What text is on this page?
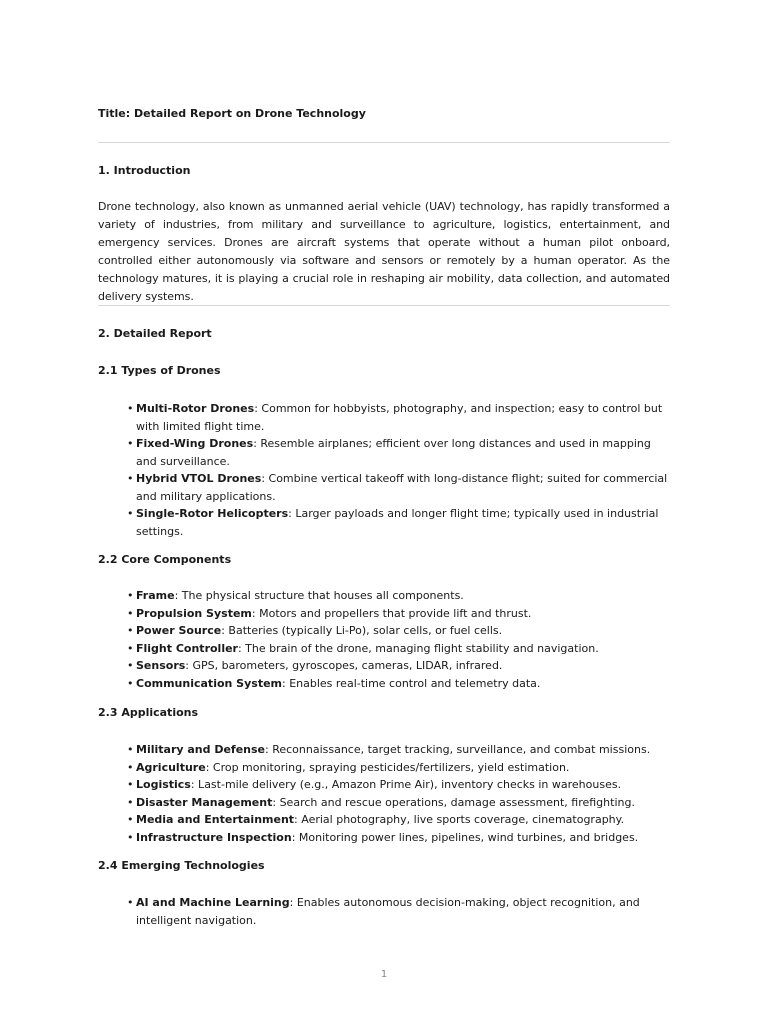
Title: Detailed Report on Drone Technology
1. Introduction
Drone technology, also known as unmanned aerial vehicle (UAV) technology, has rapidly transformed a variety of industries, from military and surveillance to agriculture, logistics, entertainment, and emergency services. Drones are aircraft systems that operate without a human pilot onboard, controlled either autonomously via software and sensors or remotely by a human operator. As the technology matures, it is playing a crucial role in reshaping air mobility, data collection, and automated delivery systems.
2. Detailed Report
2.1 Types of Drones
• Multi-Rotor Drones: Common for hobbyists, photography, and inspection; easy to control but with limited flight time.
• Fixed-Wing Drones: Resemble airplanes; efficient over long distances and used in mapping and surveillance.
• Hybrid VTOL Drones: Combine vertical takeoff with long-distance flight; suited for commercial and military applications.
• Single-Rotor Helicopters: Larger payloads and longer flight time; typically used in industrial settings.
2.2 Core Components
• Frame: The physical structure that houses all components.
• Propulsion System: Motors and propellers that provide lift and thrust.
• Power Source: Batteries (typically Li-Po), solar cells, or fuel cells.
• Flight Controller: The brain of the drone, managing flight stability and navigation.
• Sensors: GPS, barometers, gyroscopes, cameras, LIDAR, infrared.
• Communication System: Enables real-time control and telemetry data.
2.3 Applications
• Military and Defense: Reconnaissance, target tracking, surveillance, and combat missions.
• Agriculture: Crop monitoring, spraying pesticides/fertilizers, yield estimation.
• Logistics: Last-mile delivery (e.g., Amazon Prime Air), inventory checks in warehouses.
• Disaster Management: Search and rescue operations, damage assessment, firefighting.
• Media and Entertainment: Aerial photography, live sports coverage, cinematography.
• Infrastructure Inspection: Monitoring power lines, pipelines, wind turbines, and bridges.
2.4 Emerging Technologies
• AI and Machine Learning: Enables autonomous decision-making, object recognition, and intelligent navigation.
1
